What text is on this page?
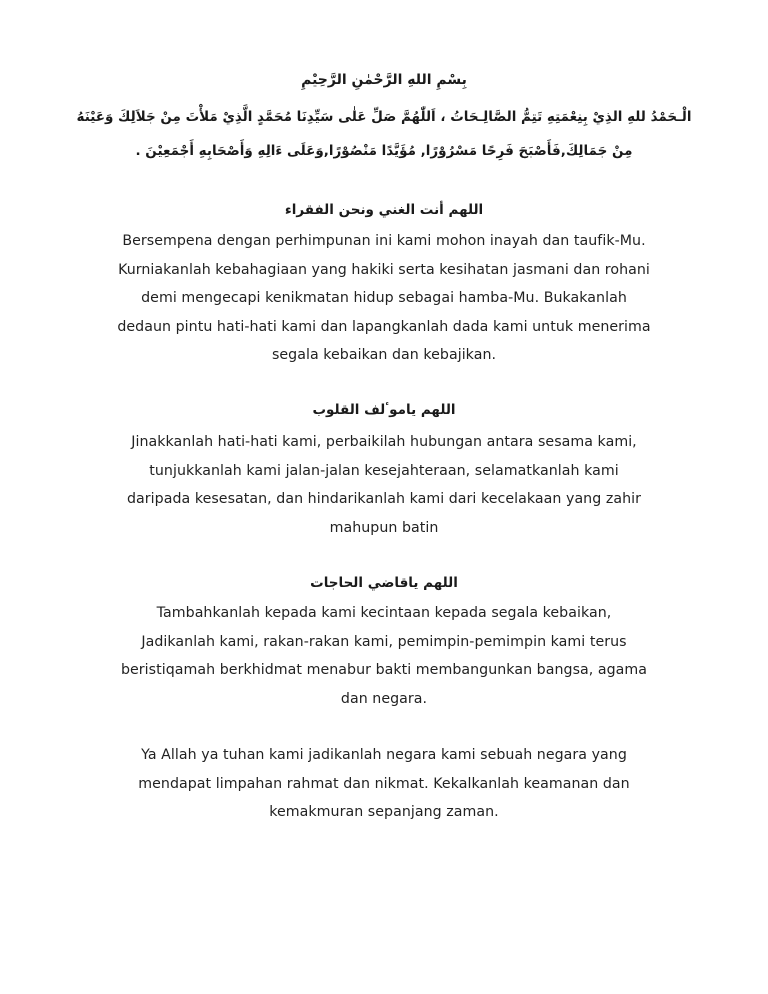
بِسْمِ اللهِ الرَّحْمٰنِ الرَّحِيْمِ
الْـحَمْدُ للهِ الذِيْ بِنِعْمَتِهِ تَتِمُّ الصَّالِـحَاتُ ، اَللّٰهُمَّ صَلِّ عَلٰى سَيِّدِنَا مُحَمَّدٍ الَّذِيْ مَلأْتَ مِنْ جَلاَلِكَ وَعَيْنَهُ
مِنْ جَمَالِكَ,فَأَصْبَحَ فَرِحًا مَسْرُوْرًا, مُؤَيَّدًا مَنْصُوْرًا,وَعَلَى ءَالِهِ وَأَصْحَابِهِ أَجْمَعِيْنَ .
اللهم أنت الغني ونحن الفقراء
Bersempena dengan perhimpunan ini kami mohon inayah dan taufik-Mu.
Kurniakanlah kebahagiaan yang hakiki serta kesihatan jasmani dan rohani
demi mengecapi kenikmatan hidup sebagai hamba-Mu. Bukakanlah
dedaun pintu hati-hati kami dan lapangkanlah dada kami untuk menerima
segala kebaikan dan kebajikan.
اللهم ياموٴلف القلوب
Jinakkanlah hati-hati kami, perbaikilah hubungan antara sesama kami,
tunjukkanlah kami jalan-jalan kesejahteraan, selamatkanlah kami
daripada kesesatan, dan hindarikanlah kami dari kecelakaan yang zahir
mahupun batin
اللهم ياقاضي الحاجات
Tambahkanlah kepada kami kecintaan kepada segala kebaikan,
Jadikanlah kami, rakan-rakan kami, pemimpin-pemimpin kami terus
beristiqamah berkhidmat menabur bakti membangunkan bangsa, agama
dan negara.
Ya Allah ya tuhan kami jadikanlah negara kami sebuah negara yang
mendapat limpahan rahmat dan nikmat. Kekalkanlah keamanan dan
kemakmuran sepanjang zaman.
